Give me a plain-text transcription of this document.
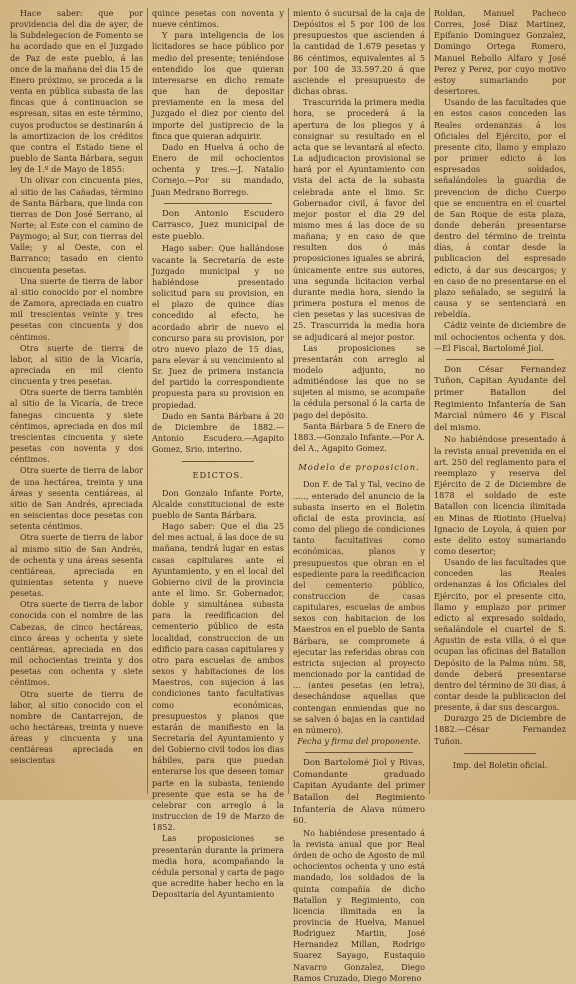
Hace saber: que por providencia del dia de ayer, de la Subdelegacion de Fomento se ha acordado que en el Juzgado de Paz de este pueblo, á las once de la mañana del dia 15 de Enero próximo, se proceda a la venta en pública subasta de las fincas que á continuacion se espresan, sitas en este término, cuyos productos se destinarán á la amortizacion de los créditos que contra el Estado tiene el pueblo de Santa Bárbara, segun ley de 1.º de Mayo de 1855:

Un olivar con cincuenta pies, al sitio de las Cañadas, término de Santa Bárbara, que linda con tierras de Don José Serrano, al Norte; al Este con el camino de Paymogo; al Sur, con tierras del Valle; y al Oeste, con el Barranco; tasado en ciento cincuenta pesetas.

Una suerte de tierra de labor al sitio conocido por el nombre de Zamora, apreciada en cuatro mil trescientas veinte y tres pesetas con cincuenta y dos céntimos.

Otra suerte de tierra de labor, al sitio de la Vicaría, apreciada en mil ciento cincuenta y tres pesetas.

Otra suerte de tierra también al sitio de la Vicaría, de trece fanegas cincuenta y siete céntimos, apreciada en dos mil trescientas cincuenta y siete pesetas con noventa y dos céntimos.

Otra suerte de tierra de labor de una hectárea, treinta y una áreas y sesenta centiáreas, al sitio de San Andrés, apreciada en seiscientas doce pesetas con setenta céntimos.

Otra suerte de tierra de labor al mismo sitio de San Andrés, de ochenta y una áreas sesenta centiáreas, apreciada en quinientas setenta y nueve pesetas.

Otra suerte de tierra de labor conocida con el nombre de las Cabezas, de cinco hectáreas, cinco áreas y ochenta y siete centiáreas, apreciada en dos mil ochocientas treinta y dos pesetas con ochenta y siete céntimos.

Otra suerte de tierra de labor, al sitio conocido con el nombre de Cantarrejon, de ocho hectáreas, treinta y nueve áreas y cincuenta y una centiáreas apreciada en seiscientas

quince pesetas con noventa y nueve céntimos.

Y para inteligencia de los licitadores se hace público por medio del presente; teniéndose entendido los que quieran interesarse en dicho remate que han de depositar previamente en la mesa del Juzgado el diez por ciento del importe del justiprecio de la finca que quieran adquirir.

Dado en Huelva á ocho de Enero de mil ochocientos ochenta y tres.—J. Natalio Cornejo.—Por su mandado, Juan Medrano Borrego.

Don Antonio Escudero Carrasco, Juez municipal de este pueblo.

Hago saber: Que hallándose vacante la Secretaría de este Juzgado municipal y no habiéndose presentado solicitud para su provision, en el plazo de quince días concedido al efecto, he acordado abrir de nuevo el concurso para su provision, por otro nuevo plazo de 15 días, para elevar á su vencimiento al Sr. Juez de primera instancia del partido la correspondiente propuesta para su provision en propiedad.

Dado en Santa Bárbara á 20 de Diciembre de 1882.—Antonio Escudero.—Agapito Gomez, Srio. interino.

EDICTOS.

Don Gonzalo Infante Porte, Alcalde constitucional de este pueblo de Santa Bárbara.

Hago saber: Que el dia 25 del mes actual, á las doce de su mañana, tendrá lugar en estas casas capitulares ante el Ayuntamiento, y en el local del Gobierno civil de la provincia ante el limo. Sr. Gobernador, doble y simultánea subasta para la reedificacion del cementerio público de esta localidad, construccion de un edificio para casas capitulares y otro para escuelas de ambos sexos y habitaciones de los Maestros, con sujecion á las condiciones tanto facultativas como económicas, presupuestos y planos que estarán de manifiesto en la Secretaría del Ayuntamiento y del Gobierno civil todos los dias hábiles, para que puedan enterarse los que deseen tomar parte en la subasta, teniendo presente que esta se ha de celebrar con arreglo á la instruccion de 19 de Marzo de 1852.

Las proposiciones se presentarán durante la primera media hora, acompañando la cédula personal y carta de pago que acredite haber hecho en la Depositaría del Ayuntamiento

miento ó sucursal de la caja de Depósitos el 5 por 100 de los presupuestos que ascienden á la cantidad de 1.679 pesetas y 86 céntimos, equivalentes al 5 por 100 de 33.597.20 á que asciende el presupuesto de dichas obras.

Trascurrida la primera media hora, se procederá á la apertura de los pliegos y á consignar su resultado en el acta que se levantará al efecto. La adjudicacion provisional se hará por el Ayuntamiento con vista del acta de la subasta celebrada ante el limo. Sr. Gobernador civil, á favor del mejor postor el dia 29 del mismo mes á las doce de su mañana; y en caso de que resulten dos ó más proposiciones iguales se abrirá, únicamente entre sus autores, una segunda licitacion verbal durante media hora, siendo la primera postura el menos de cien pesetas y las sucesivas de 25. Trascurrida la media hora se adjudicará al mejor postor.

Las proposiciones se presentarán con arreglo al modelo adjunto, no admitiéndose las que no se sujeten al mismo, se acompañe la cédula personal ó la carta de pago del depósito.

Santa Bárbara 5 de Enero de 1883.—Gonzalo Infante.—Por A. del A., Agapito Gomez.

Modelo de proposicion.

Don F. de Tal y Tal, vecino de ....., enterado del anuncio de la subasta inserto en el Boletin oficial de esta provincia, así como del pliego de condiciones tanto facultativas como económicas, planos y presupuestos que obran en el espediente para la reedificacion del cementerio público, construccion de casas capitulares, escuelas de ambos sexos con habitacion de los Maestros en el pueblo de Santa Bárbara, se compromete á ejecutar las referidas obras con estricta sujecion al proyecto mencionado por la cantidad de ... (antes pesetas (en letra), desechándose aquellas que contengan enmiendas que no se salven ó bajas en la cantidad en número).

Fecha y firma del proponente.

Don Bartolomé Jiol y Rivas, Comandante graduado Capitan Ayudante del primer Batallon del Regimiento Infantería de Alava número 60.

No habiéndose presentado á la revista anual que por Real órden de ocho de Agosto de mil ochocientos ochenta y uno está mandado, los soldados de la quinta compañía de dicho Batallon y Regimiento, con licencia ilimitada en la provincia de Huelva, Manuel Rodriguez Martin, José Hernandez Millan, Rodrigo Suarez Sayago, Eustaquio Navarro Gonzalez, Diego Ramos Cruzado, Diego Moreno

Roldan, Manuel Pacheco Corres, José Diaz Martinez, Epifanio Dominguez Gonzalez, Domingo Ortega Romero, Manuel Rebollo Alfaro y José Perez y Perez, por cuyo motivo estoy sumariando por desertores.

Usando de las facultades que en estos casos conceden las Reales ordenanzas á los Oficiales del Ejército, por el presente cito, llamo y emplazo por primer edicto á los espresados soldados, señalándoles la guardia de prevencion de dicho Cuerpo que se encuentra en el cuartel de San Roque de esta plaza, donde deberán presentarse dentro del término de treinta días, á contar desde la publicacion del espresado edicto, á dar sus descargos; y en caso de no presentarse en el plazo señalado, se seguirá la causa y se sentenciará en rebeldía.

Cádiz veinte de diciembre de mil ochocientos ochenta y dos.—El Fiscal, Bartolomé Jiol.

Don César Fernandez Tuñon, Capitan Ayudante del primer Batallon del Regimiento Infantería de San Marcial número 46 y Fiscal del mismo.

No habiéndose presentado á la revista anual prevenida en el art. 250 del reglamento para el reemplazo y reserva del Ejército de 2 de Diciembre de 1878 el soldado de este Batallon con licencia ilimitada en Minas de Riotinto (Huelva) Ignacio de Loyola, á quien por este delito estoy sumariando como desertor;

Usando de las facultades que conceden las Reales ordenanzas á los Oficiales del Ejército, por el presente cito, llamo y emplazo por primer edicto al expresado soldado, señalándole el cuartel de S. Agustin de esta villa, ó el que ocupan las oficinas del Batallon Depósito de la Palma núm. 58, donde deberá presentarse dentro del término de 30 dias, á contar desde la publicacion del presente, á dar sus descargos.

Durazgo 25 de Diciembre de 1882.—César Fernandez Tuñon.

Imp. del Boletin oficial.
